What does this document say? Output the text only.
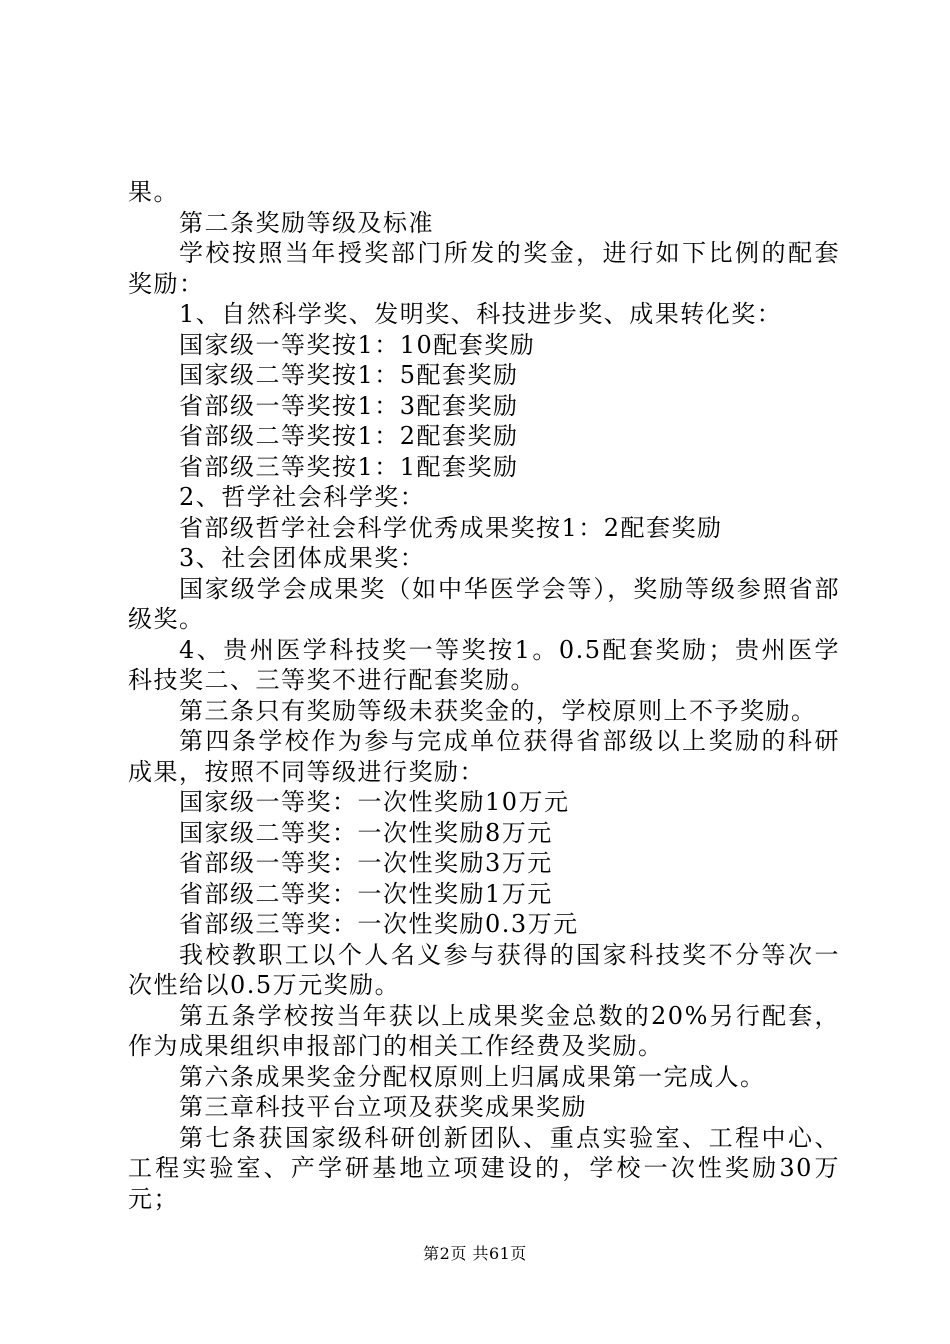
果。

第二条奖励等级及标准

学校按照当年授奖部门所发的奖金，进行如下比例的配套奖励：

1、自然科学奖、发明奖、科技进步奖、成果转化奖：

国家级一等奖按1：10配套奖励

国家级二等奖按1：5配套奖励

省部级一等奖按1：3配套奖励

省部级二等奖按1：2配套奖励

省部级三等奖按1：1配套奖励

2、哲学社会科学奖：

省部级哲学社会科学优秀成果奖按1：2配套奖励

3、社会团体成果奖：

国家级学会成果奖（如中华医学会等），奖励等级参照省部级奖。

4、贵州医学科技奖一等奖按1。0.5配套奖励；贵州医学科技奖二、三等奖不进行配套奖励。

第三条只有奖励等级未获奖金的，学校原则上不予奖励。

第四条学校作为参与完成单位获得省部级以上奖励的科研成果，按照不同等级进行奖励：

国家级一等奖：一次性奖励10万元

国家级二等奖：一次性奖励8万元

省部级一等奖：一次性奖励3万元

省部级二等奖：一次性奖励1万元

省部级三等奖：一次性奖励0.3万元

我校教职工以个人名义参与获得的国家科技奖不分等次一次性给以0.5万元奖励。

第五条学校按当年获以上成果奖金总数的20%另行配套，作为成果组织申报部门的相关工作经费及奖励。

第六条成果奖金分配权原则上归属成果第一完成人。

第三章科技平台立项及获奖成果奖励

第七条获国家级科研创新团队、重点实验室、工程中心、工程实验室、产学研基地立项建设的，学校一次性奖励30万元；

第2页 共61页
